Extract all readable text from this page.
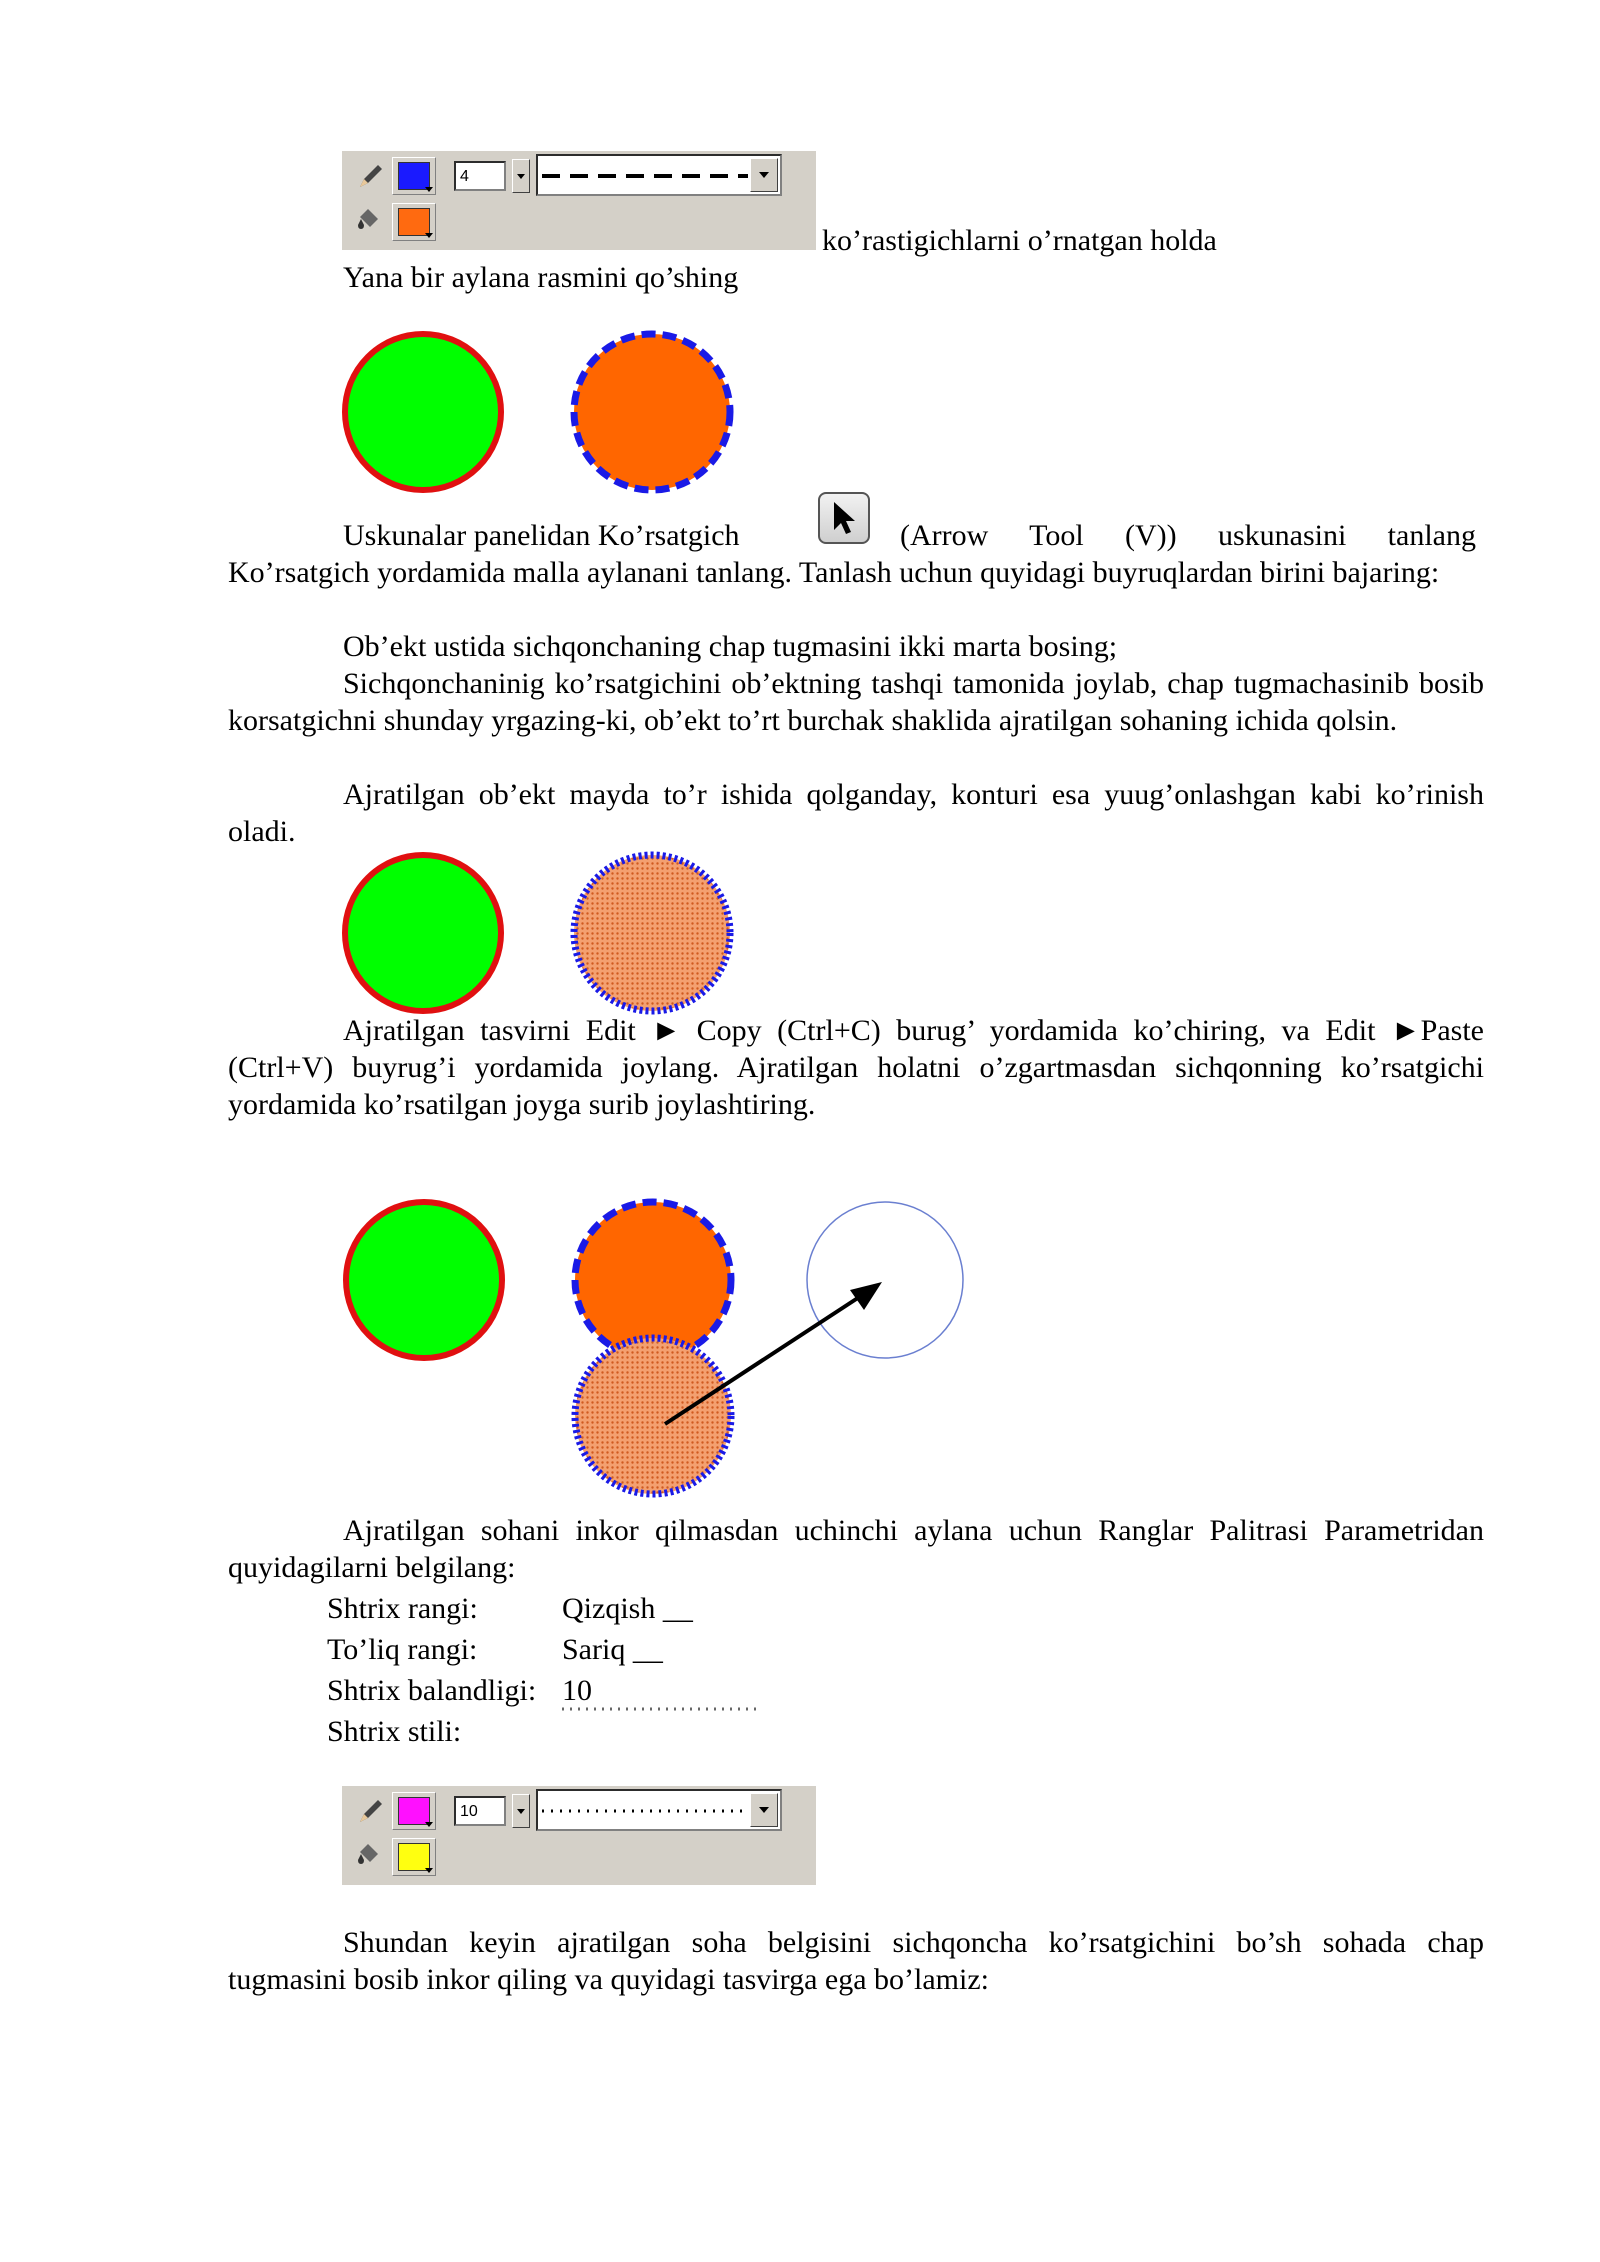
4
ko’rastigichlarni o’rnatgan holda
Yana bir aylana rasmini qo’shing
Uskunalar panelidan Ko’rsatgich	(Arrow Tool (V)) uskunasini tanlang

Ko’rsatgich yordamida malla aylanani tanlang. Tanlash uchun quyidagi buyruqlardan birini bajaring:

Ob’ekt ustida sichqonchaning chap tugmasini ikki marta bosing;

Sichqonchaninig ko’rsatgichini ob’ektning tashqi tamonida joylab, chap tugmachasinib bosib korsatgichni shunday yrgazing-ki, ob’ekt to’rt burchak shaklida ajratilgan sohaning ichida qolsin.

Ajratilgan ob’ekt mayda to’r ishida qolganday, konturi esa yuug’onlashgan kabi ko’rinish oladi.

Ajratilgan tasvirni Edit ► Copy (Ctrl+C) burug’ yordamida ko’chiring, va Edit ►Paste (Ctrl+V) buyrug’i yordamida joylang. Ajratilgan holatni o’zgartmasdan sichqonning ko’rsatgichi yordamida ko’rsatilgan joyga surib joylashtiring.

Ajratilgan sohani inkor qilmasdan uchinchi aylana uchun Ranglar Palitrasi Parametridan quyidagilarni belgilang:

Shtrix rangi:	Qizqish __
To’liq rangi:	Sariq __
Shtrix balandligi: 10
Shtrix stili:
10

Shundan keyin ajratilgan soha belgisini sichqoncha ko’rsatgichini bo’sh sohada chap tugmasini bosib inkor qiling va quyidagi tasvirga ega bo’lamiz:
